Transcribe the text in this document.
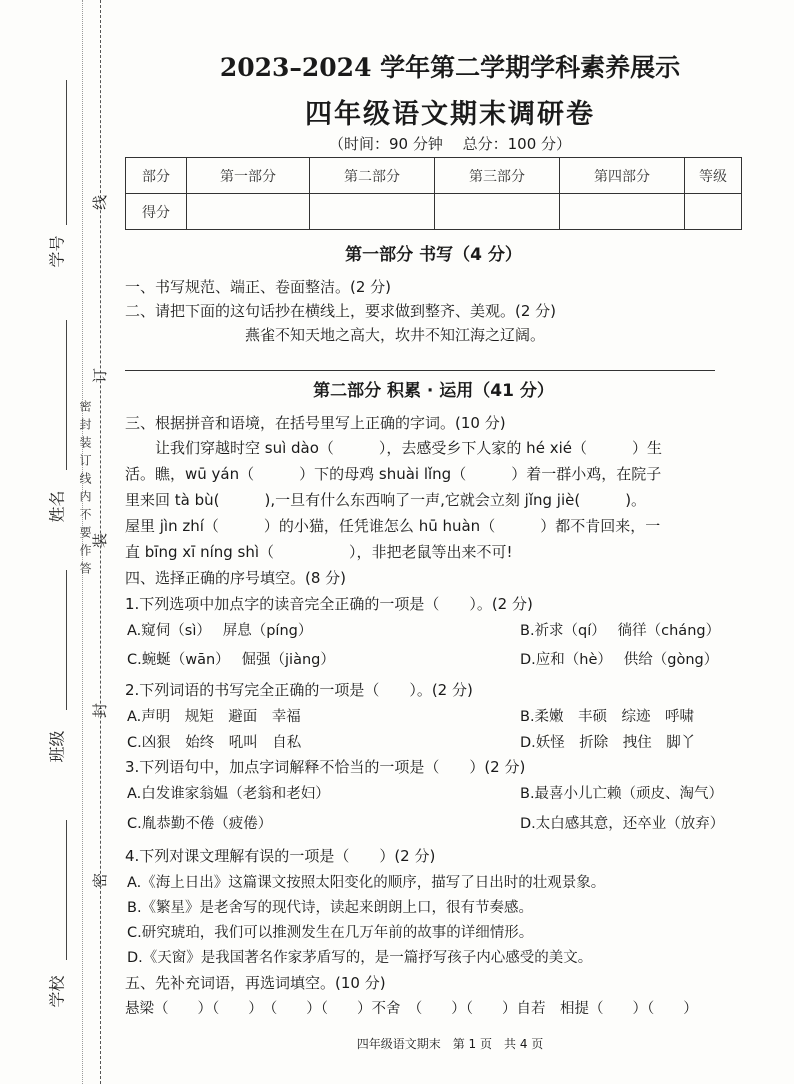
学号
姓名
班级
学校
线
订
装
封
密
密封装订线内不要作答
2023–2024 学年第二学期学科素养展示
四年级语文期末调研卷
（时间：90 分钟　 总分：100 分）
部分	第一部分	第二部分	第三部分	第四部分	等级
得分					
第一部分 书写（4 分）
一、书写规范、端正、卷面整洁。(2 分)
二、请把下面的这句话抄在横线上，要求做到整齐、美观。(2 分)
燕雀不知天地之高大，坎井不知江海之辽阔。
第二部分 积累 · 运用（41 分）
三、根据拼音和语境，在括号里写上正确的字词。(10 分)
　　让我们穿越时空 suì dào（　　　），去感受乡下人家的 hé xié（　　　）生
活。瞧，wū yán（　　　）下的母鸡 shuài lǐng（　　　）着一群小鸡，在院子
里来回 tà bù(　　　),一旦有什么东西响了一声,它就会立刻 jǐng jiè(　　　)。
屋里 jìn zhí（　　　）的小猫，任凭谁怎么 hū huàn（　　　）都不肯回来，一
直 bīng xī níng shì（　　　　　），非把老鼠等出来不可!
四、选择正确的序号填空。(8 分)
1.下列选项中加点字的读音完全正确的一项是（　　）。(2 分)
A.窥伺（sì）　 屏息（píng）	B.祈求（qí）　 徜徉（cháng）
C.蜿蜒（wān）　 倔强（jiàng）	D.应和（hè）　 供给（gòng）
2.下列词语的书写完全正确的一项是（　　）。(2 分)
A.声明　规矩　避面　幸福	B.柔嫩　丰硕　综迹　呼啸
C.凶狠　始终　吼叫　自私	D.妖怪　折除　拽住　脚丫
3.下列语句中，加点字词解释不恰当的一项是（　　）(2 分)
A.白发谁家翁媪（老翁和老妇）	B.最喜小儿亡赖（顽皮、淘气）
C.胤恭勤不倦（疲倦）	D.太白感其意，还卒业（放弃）
4.下列对课文理解有误的一项是（　　）(2 分)
A.《海上日出》这篇课文按照太阳变化的顺序，描写了日出时的壮观景象。
B.《繁星》是老舍写的现代诗，读起来朗朗上口，很有节奏感。
C.研究琥珀，我们可以推测发生在几万年前的故事的详细情形。
D.《天窗》是我国著名作家茅盾写的，是一篇抒写孩子内心感受的美文。
五、先补充词语，再选词填空。(10 分)
悬梁（　　）（　　）　（　　）（　　）不舍　（　　）（　　）自若　相提（　　）（　　）
四年级语文期末　第 1 页　共 4 页
